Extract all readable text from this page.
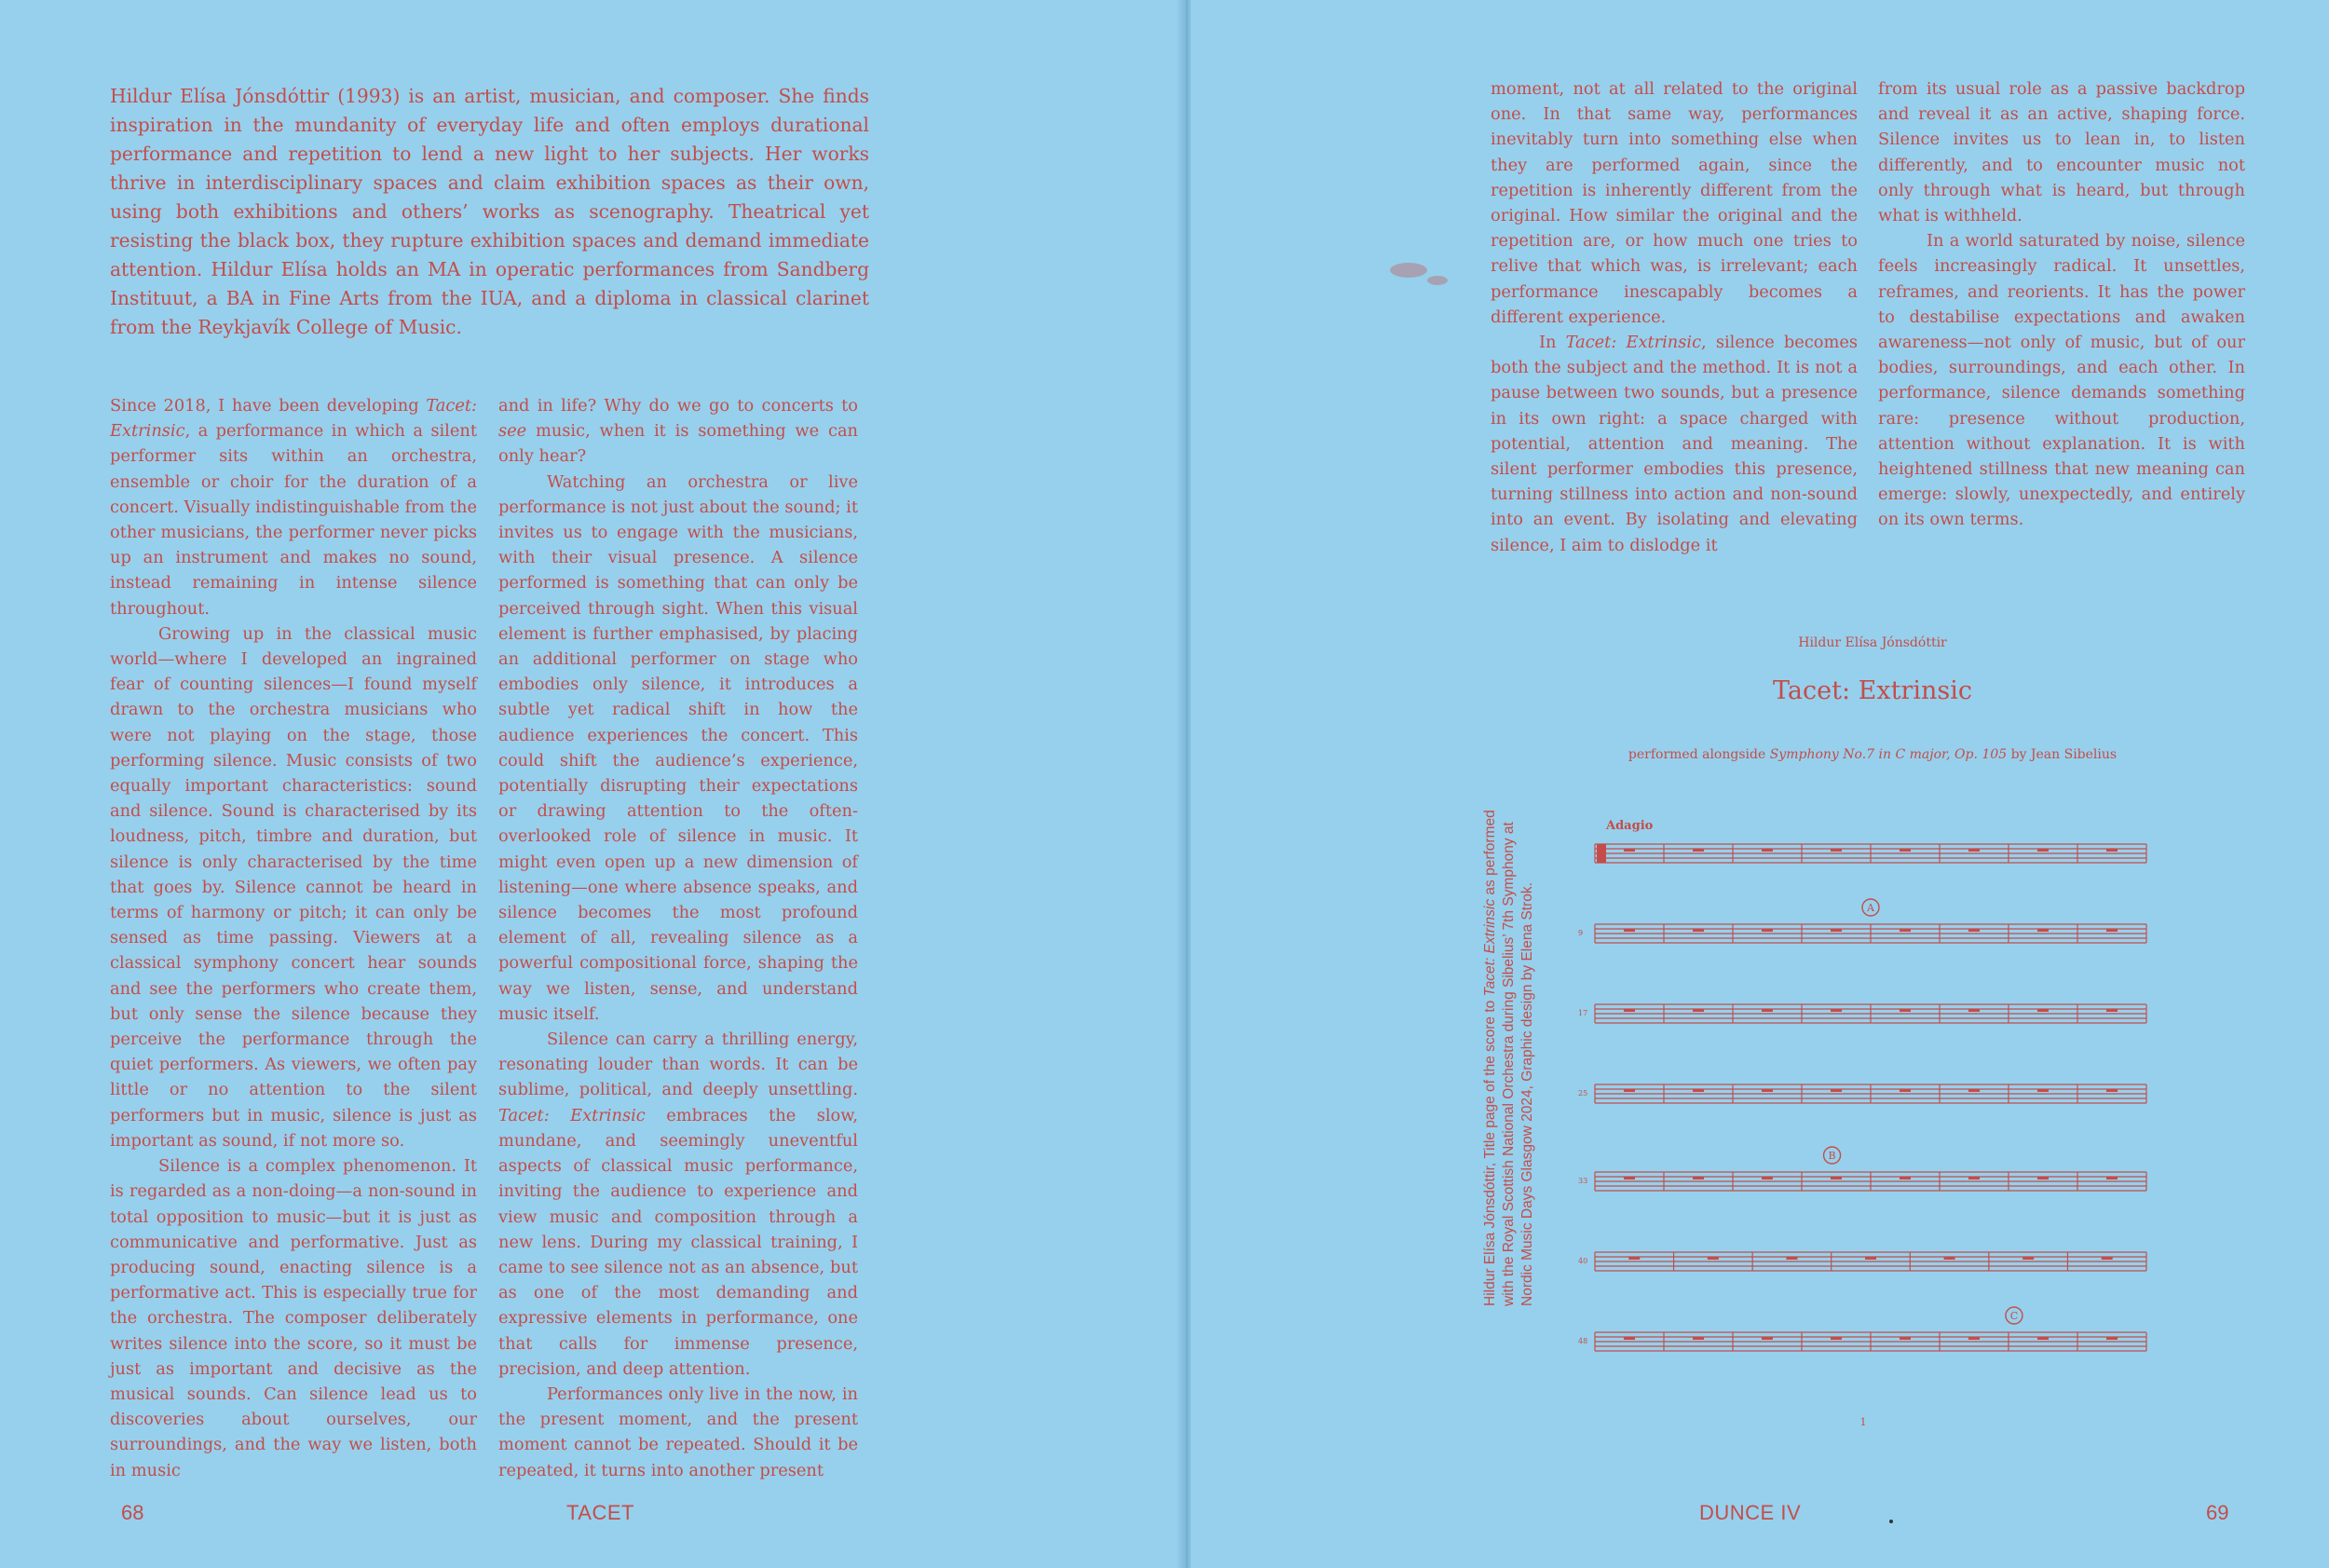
Hildur Elísa Jónsdóttir (1993) is an artist, musician, and composer. She finds inspiration in the mundanity of everyday life and often employs durational performance and repetition to lend a new light to her subjects. Her works thrive in interdisciplinary spaces and claim exhibition spaces as their own, using both exhibitions and others’ works as scenography. Theatrical yet resisting the black box, they rupture exhibition spaces and demand immediate attention. Hildur Elísa holds an MA in operatic performances from Sandberg Instituut, a BA in Fine Arts from the IUA, and a diploma in classical clarinet from the Reykjavík College of Music.

Since 2018, I have been developing Tacet: Extrinsic, a performance in which a silent performer sits within an orchestra, ensemble or choir for the duration of a concert. Visually indistinguishable from the other musicians, the performer never picks up an instrument and makes no sound, instead remaining in intense silence throughout.

Growing up in the classical music world—where I developed an ingrained fear of counting silences—I found myself drawn to the orchestra musicians who were not playing on the stage, those performing silence. Music consists of two equally important characteristics: sound and silence. Sound is characterised by its loudness, pitch, timbre and duration, but silence is only characterised by the time that goes by. Silence cannot be heard in terms of harmony or pitch; it can only be sensed as time passing. Viewers at a classical symphony concert hear sounds and see the performers who create them, but only sense the silence because they perceive the performance through the quiet performers. As viewers, we often pay little or no attention to the silent performers but in music, silence is just as important as sound, if not more so.

Silence is a complex phenomenon. It is regarded as a non-doing—a non-sound in total opposition to music—but it is just as communicative and performative. Just as producing sound, enacting silence is a performative act. This is especially true for the orchestra. The composer deliberately writes silence into the score, so it must be just as important and decisive as the musical sounds. Can silence lead us to discoveries about ourselves, our surroundings, and the way we listen, both in music

and in life? Why do we go to concerts to see music, when it is something we can only hear?

Watching an orchestra or live performance is not just about the sound; it invites us to engage with the musicians, with their visual presence. A silence performed is something that can only be perceived through sight. When this visual element is further emphasised, by placing an additional performer on stage who embodies only silence, it introduces a subtle yet radical shift in how the audience experiences the concert. This could shift the audience’s experience, potentially disrupting their expectations or drawing attention to the often-overlooked role of silence in music. It might even open up a new dimension of listening—one where absence speaks, and silence becomes the most profound element of all, revealing silence as a powerful compositional force, shaping the way we listen, sense, and understand music itself.

Silence can carry a thrilling energy, resonating louder than words. It can be sublime, political, and deeply unsettling. Tacet: Extrinsic embraces the slow, mundane, and seemingly uneventful aspects of classical music performance, inviting the audience to experience and view music and composition through a new lens. During my classical training, I came to see silence not as an absence, but as one of the most demanding and expressive elements in performance, one that calls for immense presence, precision, and deep attention.

Performances only live in the now, in the present moment, and the present moment cannot be repeated. Should it be repeated, it turns into another present

68	TACET

moment, not at all related to the original one. In that same way, performances inevitably turn into something else when they are performed again, since the repetition is inherently different from the original. How similar the original and the repetition are, or how much one tries to relive that which was, is irrelevant; each performance inescapably becomes a different experience.

In Tacet: Extrinsic, silence becomes both the subject and the method. It is not a pause between two sounds, but a presence in its own right: a space charged with potential, attention and meaning. The silent performer embodies this presence, turning stillness into action and non-sound into an event. By isolating and elevating silence, I aim to dislodge it

from its usual role as a passive backdrop and reveal it as an active, shaping force. Silence invites us to lean in, to listen differently, and to encounter music not only through what is heard, but through what is withheld.

In a world saturated by noise, silence feels increasingly radical. It unsettles, reframes, and reorients. It has the power to destabilise expectations and awaken awareness—not only of music, but of our bodies, surroundings, and each other. In performance, silence demands something rare: presence without production, attention without explanation. It is with heightened stillness that new meaning can emerge: slowly, unexpectedly, and entirely on its own terms.

Hildur Elísa Jónsdóttir
Tacet: Extrinsic
performed alongside Symphony No.7 in C major, Op. 105 by Jean Sibelius
Hildur Elísa Jónsdóttir, Title page of the score to Tacet: Extrinsic as performed with the Royal Scottish National Orchestra during Sibelius’ 7th Symphony at Nordic Music Days Glasgow 2024, Graphic design by Elena Strok.
Adagio
9
17
25
33
40
48
A
B
C
1
DUNCE IV	69
